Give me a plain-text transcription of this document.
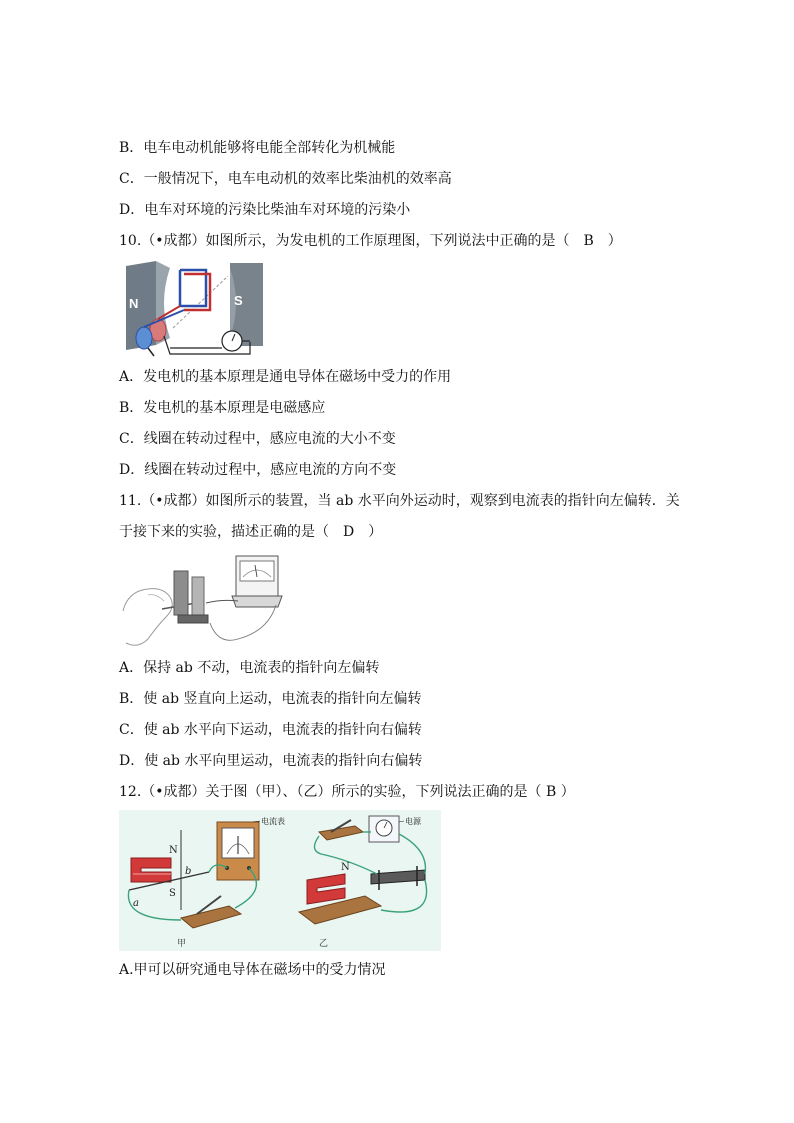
B．电车电动机能够将电能全部转化为机械能
C．一般情况下，电车电动机的效率比柴油机的效率高
D．电车对环境的污染比柴油车对环境的污染小
10.（•成都）如图所示，为发电机的工作原理图，下列说法中正确的是（　B　）
N	S
A．发电机的基本原理是通电导体在磁场中受力的作用
B．发电机的基本原理是电磁感应
C．线圈在转动过程中，感应电流的大小不变
D．线圈在转动过程中，感应电流的方向不变
11.（•成都）如图所示的装置，当 ab 水平向外运动时，观察到电流表的指针向左偏转．关
于接下来的实验，描述正确的是（　D　）
A．保持 ab 不动，电流表的指针向左偏转
B．使 ab 竖直向上运动，电流表的指针向左偏转
C．使 ab 水平向下运动，电流表的指针向右偏转
D．使 ab 水平向里运动，电流表的指针向右偏转
12.（•成都）关于图（甲）、（乙）所示的实验，下列说法正确的是（ B ）
N
S
a
b
电流表
甲
电源
N
乙
A.甲可以研究通电导体在磁场中的受力情况
